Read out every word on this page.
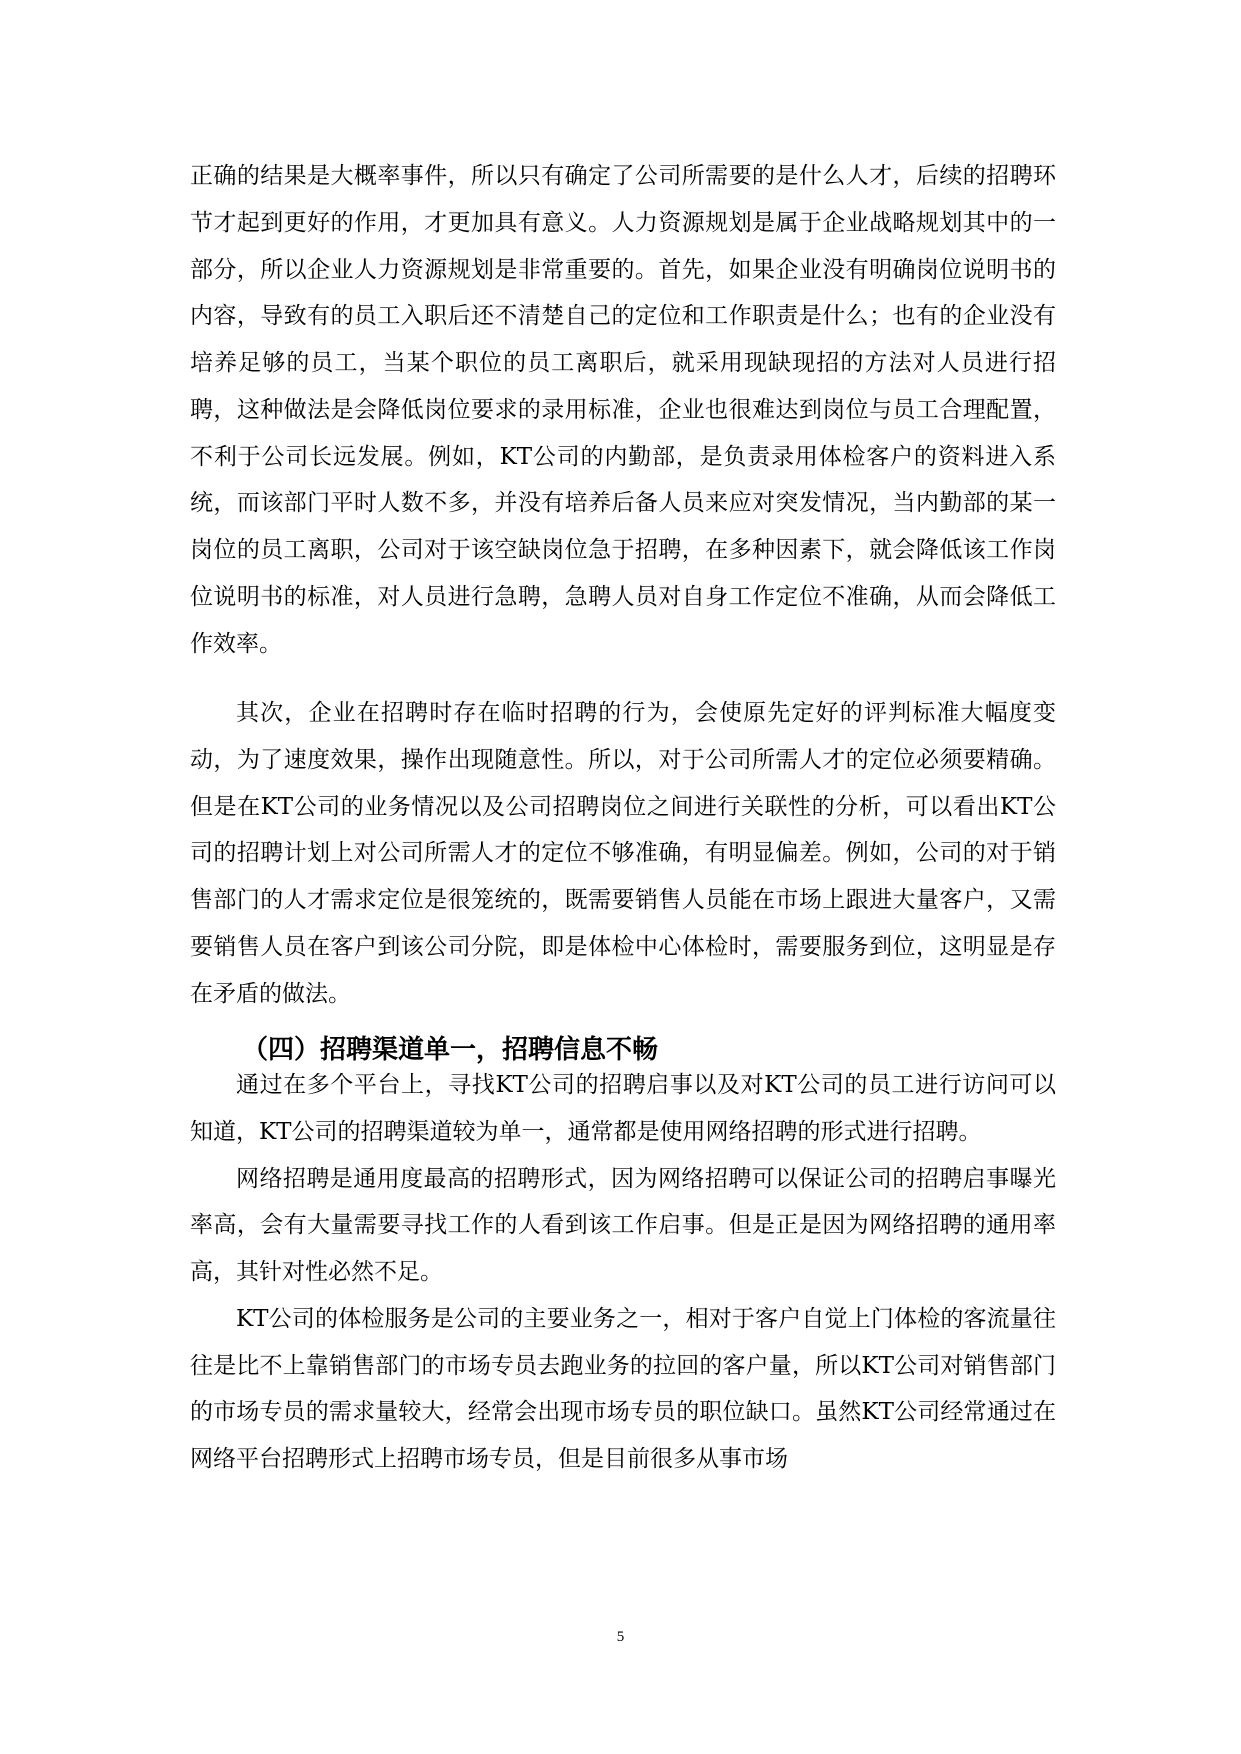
正确的结果是大概率事件，所以只有确定了公司所需要的是什么人才，后续的招聘环节才起到更好的作用，才更加具有意义。人力资源规划是属于企业战略规划其中的一部分，所以企业人力资源规划是非常重要的。首先，如果企业没有明确岗位说明书的内容，导致有的员工入职后还不清楚自己的定位和工作职责是什么；也有的企业没有培养足够的员工，当某个职位的员工离职后，就采用现缺现招的方法对人员进行招聘，这种做法是会降低岗位要求的录用标准，企业也很难达到岗位与员工合理配置，不利于公司长远发展。例如，KT公司的内勤部，是负责录用体检客户的资料进入系统，而该部门平时人数不多，并没有培养后备人员来应对突发情况，当内勤部的某一岗位的员工离职，公司对于该空缺岗位急于招聘，在多种因素下，就会降低该工作岗位说明书的标准，对人员进行急聘，急聘人员对自身工作定位不准确，从而会降低工作效率。

其次，企业在招聘时存在临时招聘的行为，会使原先定好的评判标准大幅度变动，为了速度效果，操作出现随意性。所以，对于公司所需人才的定位必须要精确。但是在KT公司的业务情况以及公司招聘岗位之间进行关联性的分析，可以看出KT公司的招聘计划上对公司所需人才的定位不够准确，有明显偏差。例如，公司的对于销售部门的人才需求定位是很笼统的，既需要销售人员能在市场上跟进大量客户，又需要销售人员在客户到该公司分院，即是体检中心体检时，需要服务到位，这明显是存在矛盾的做法。

（四）招聘渠道单一，招聘信息不畅

通过在多个平台上，寻找KT公司的招聘启事以及对KT公司的员工进行访问可以知道，KT公司的招聘渠道较为单一，通常都是使用网络招聘的形式进行招聘。

网络招聘是通用度最高的招聘形式，因为网络招聘可以保证公司的招聘启事曝光率高，会有大量需要寻找工作的人看到该工作启事。但是正是因为网络招聘的通用率高，其针对性必然不足。

KT公司的体检服务是公司的主要业务之一，相对于客户自觉上门体检的客流量往往是比不上靠销售部门的市场专员去跑业务的拉回的客户量，所以KT公司对销售部门的市场专员的需求量较大，经常会出现市场专员的职位缺口。虽然KT公司经常通过在网络平台招聘形式上招聘市场专员，但是目前很多从事市场

5
